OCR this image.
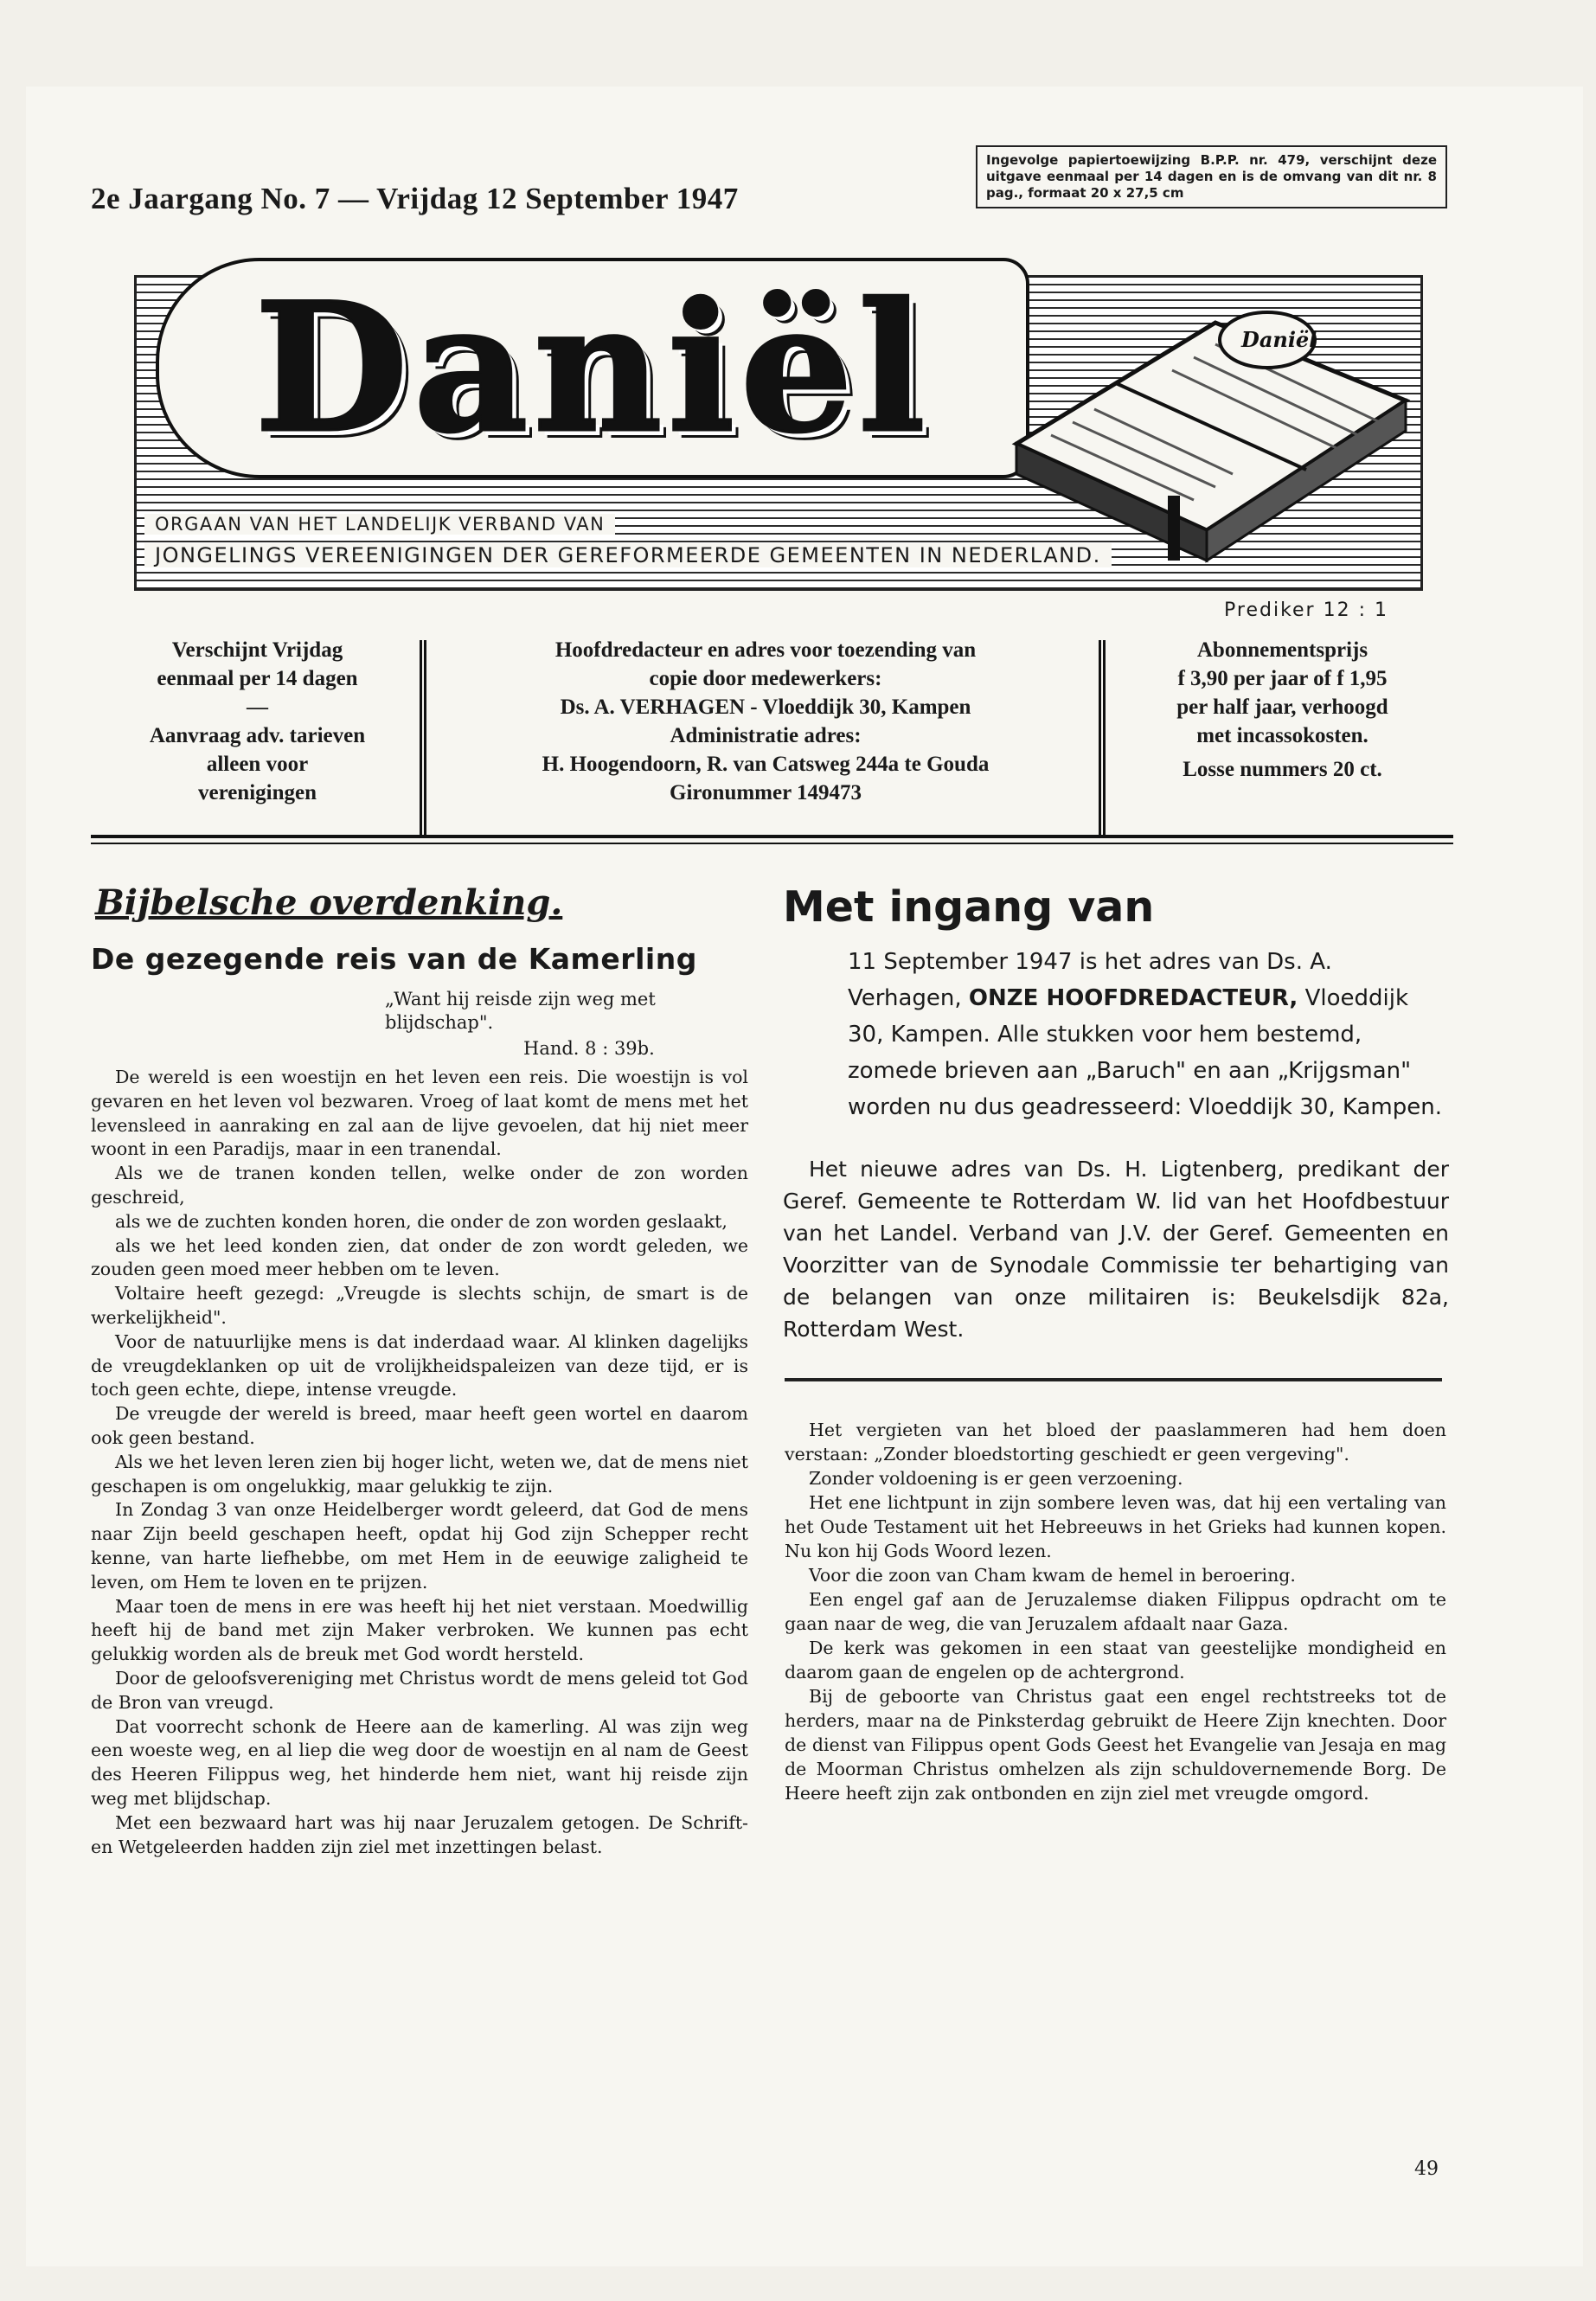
2e Jaargang No. 7 — Vrijdag 12 September 1947
Ingevolge papiertoewijzing B.P.P. nr. 479, verschijnt deze uitgave eenmaal per 14 dagen en is de omvang van dit nr. 8 pag., formaat 20 x 27,5 cm
Daniël
ORGAAN VAN HET LANDELIJK VERBAND VAN
JONGELINGS VEREENIGINGEN DER GEREFORMEERDE GEMEENTEN IN NEDERLAND.
Daniël
Prediker 12 : 1
Verschijnt Vrijdag
eenmaal per 14 dagen
—
Aanvraag adv. tarieven
alleen voor
verenigingen
Hoofdredacteur en adres voor toezending van
copie door medewerkers:
Ds. A. VERHAGEN - Vloeddijk 30, Kampen
Administratie adres:
H. Hoogendoorn, R. van Catsweg 244a te Gouda
Gironummer 149473
Abonnementsprijs
f 3,90 per jaar of f 1,95
per half jaar, verhoogd
met incassokosten.
Losse nummers 20 ct.
Bijbelsche overdenking.
De gezegende reis van de Kamerling
„Want hij reisde zijn weg met blijdschap".
Hand. 8 : 39b.

De wereld is een woestijn en het leven een reis. Die woestijn is vol gevaren en het leven vol bezwaren. Vroeg of laat komt de mens met het levensleed in aanraking en zal aan de lijve gevoelen, dat hij niet meer woont in een Paradijs, maar in een tranendal.

Als we de tranen konden tellen, welke onder de zon worden geschreid,

als we de zuchten konden horen, die onder de zon worden geslaakt,

als we het leed konden zien, dat onder de zon wordt geleden, we zouden geen moed meer hebben om te leven.

Voltaire heeft gezegd: „Vreugde is slechts schijn, de smart is de werkelijkheid".

Voor de natuurlijke mens is dat inderdaad waar. Al klinken dagelijks de vreugdeklanken op uit de vrolijkheidspaleizen van deze tijd, er is toch geen echte, diepe, intense vreugde.

De vreugde der wereld is breed, maar heeft geen wortel en daarom ook geen bestand.

Als we het leven leren zien bij hoger licht, weten we, dat de mens niet geschapen is om ongelukkig, maar gelukkig te zijn.

In Zondag 3 van onze Heidelberger wordt geleerd, dat God de mens naar Zijn beeld geschapen heeft, opdat hij God zijn Schepper recht kenne, van harte liefhebbe, om met Hem in de eeuwige zaligheid te leven, om Hem te loven en te prijzen.

Maar toen de mens in ere was heeft hij het niet verstaan. Moedwillig heeft hij de band met zijn Maker verbroken. We kunnen pas echt gelukkig worden als de breuk met God wordt hersteld.

Door de geloofsvereniging met Christus wordt de mens geleid tot God de Bron van vreugd.

Dat voorrecht schonk de Heere aan de kamerling. Al was zijn weg een woeste weg, en al liep die weg door de woestijn en al nam de Geest des Heeren Filippus weg, het hinderde hem niet, want hij reisde zijn weg met blijdschap.

Met een bezwaard hart was hij naar Jeruzalem getogen. De Schrift- en Wetgeleerden hadden zijn ziel met inzettingen belast.

Met ingang van
11 September 1947 is het adres van Ds. A. Verhagen, ONZE HOOFDREDACTEUR, Vloeddijk 30, Kampen. Alle stukken voor hem bestemd, zomede brieven aan „Baruch" en aan „Krijgsman" worden nu dus geadresseerd: Vloeddijk 30, Kampen.
Het nieuwe adres van Ds. H. Ligtenberg, predikant der Geref. Gemeente te Rotterdam W. lid van het Hoofdbestuur van het Landel. Verband van J.V. der Geref. Gemeenten en Voorzitter van de Synodale Commissie ter behartiging van de belangen van onze militairen is: Beukelsdijk 82a, Rotterdam West.

Het vergieten van het bloed der paaslammeren had hem doen verstaan: „Zonder bloedstorting geschiedt er geen vergeving".

Zonder voldoening is er geen verzoening.

Het ene lichtpunt in zijn sombere leven was, dat hij een vertaling van het Oude Testament uit het Hebreeuws in het Grieks had kunnen kopen. Nu kon hij Gods Woord lezen.

Voor die zoon van Cham kwam de hemel in beroering.

Een engel gaf aan de Jeruzalemse diaken Filippus opdracht om te gaan naar de weg, die van Jeruzalem afdaalt naar Gaza.

De kerk was gekomen in een staat van geestelijke mondigheid en daarom gaan de engelen op de achtergrond.

Bij de geboorte van Christus gaat een engel rechtstreeks tot de herders, maar na de Pinksterdag gebruikt de Heere Zijn knechten. Door de dienst van Filippus opent Gods Geest het Evangelie van Jesaja en mag de Moorman Christus omhelzen als zijn schuldovernemende Borg. De Heere heeft zijn zak ontbonden en zijn ziel met vreugde omgord.

49
